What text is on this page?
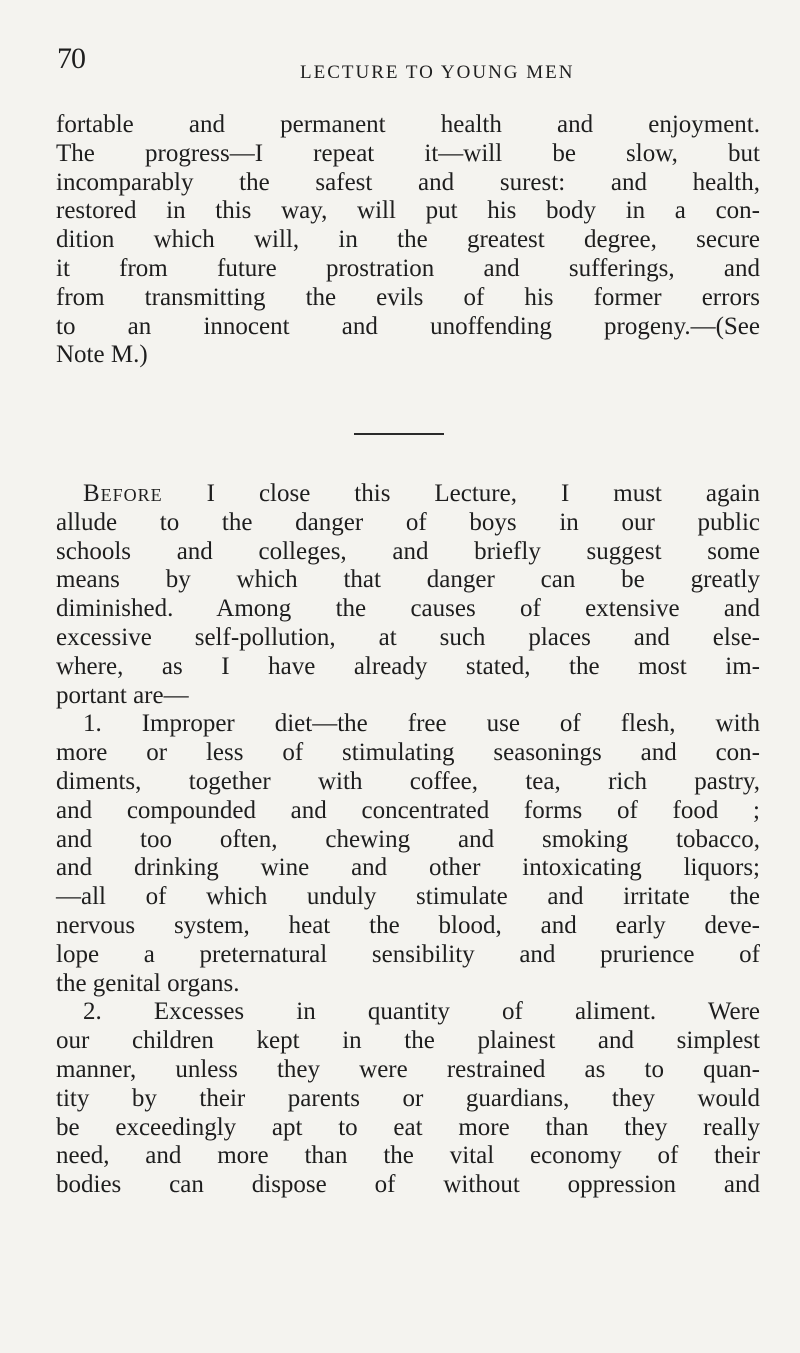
70	LECTURE TO YOUNG MEN
fortable and permanent health and enjoyment.
The progress—I repeat it—will be slow, but
incomparably the safest and surest: and health,
restored in this way, will put his body in a con-
dition which will, in the greatest degree, secure
it from future prostration and sufferings, and
from transmitting the evils of his former errors
to an innocent and unoffending progeny.—(See
Note M.)
Before I close this Lecture, I must again
allude to the danger of boys in our public
schools and colleges, and briefly suggest some
means by which that danger can be greatly
diminished. Among the causes of extensive and
excessive self-pollution, at such places and else-
where, as I have already stated, the most im-
portant are—
1. Improper diet—the free use of flesh, with
more or less of stimulating seasonings and con-
diments, together with coffee, tea, rich pastry,
and compounded and concentrated forms of food ;
and too often, chewing and smoking tobacco,
and drinking wine and other intoxicating liquors;
—all of which unduly stimulate and irritate the
nervous system, heat the blood, and early deve-
lope a preternatural sensibility and prurience of
the genital organs.
2. Excesses in quantity of aliment. Were
our children kept in the plainest and simplest
manner, unless they were restrained as to quan-
tity by their parents or guardians, they would
be exceedingly apt to eat more than they really
need, and more than the vital economy of their
bodies can dispose of without oppression and
